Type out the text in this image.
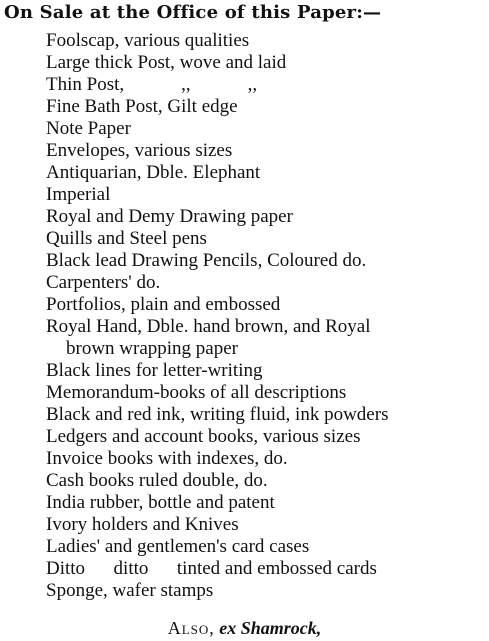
On Sale at the Office of this Paper:—
Foolscap, various qualities
Large thick Post, wove and laid
Thin Post,            ,,            ,,
Fine Bath Post, Gilt edge
Note Paper
Envelopes, various sizes
Antiquarian, Dble. Elephant
Imperial
Royal and Demy Drawing paper
Quills and Steel pens
Black lead Drawing Pencils, Coloured do.
Carpenters' do.
Portfolios, plain and embossed
Royal Hand, Dble. hand brown, and Royal
brown wrapping paper
Black lines for letter-writing
Memorandum-books of all descriptions
Black and red ink, writing fluid, ink powders
Ledgers and account books, various sizes
Invoice books with indexes, do.
Cash books ruled double, do.
India rubber, bottle and patent
Ivory holders and Knives
Ladies' and gentlemen's card cases
Ditto      ditto      tinted and embossed cards
Sponge, wafer stamps
Also, ex Shamrock,
